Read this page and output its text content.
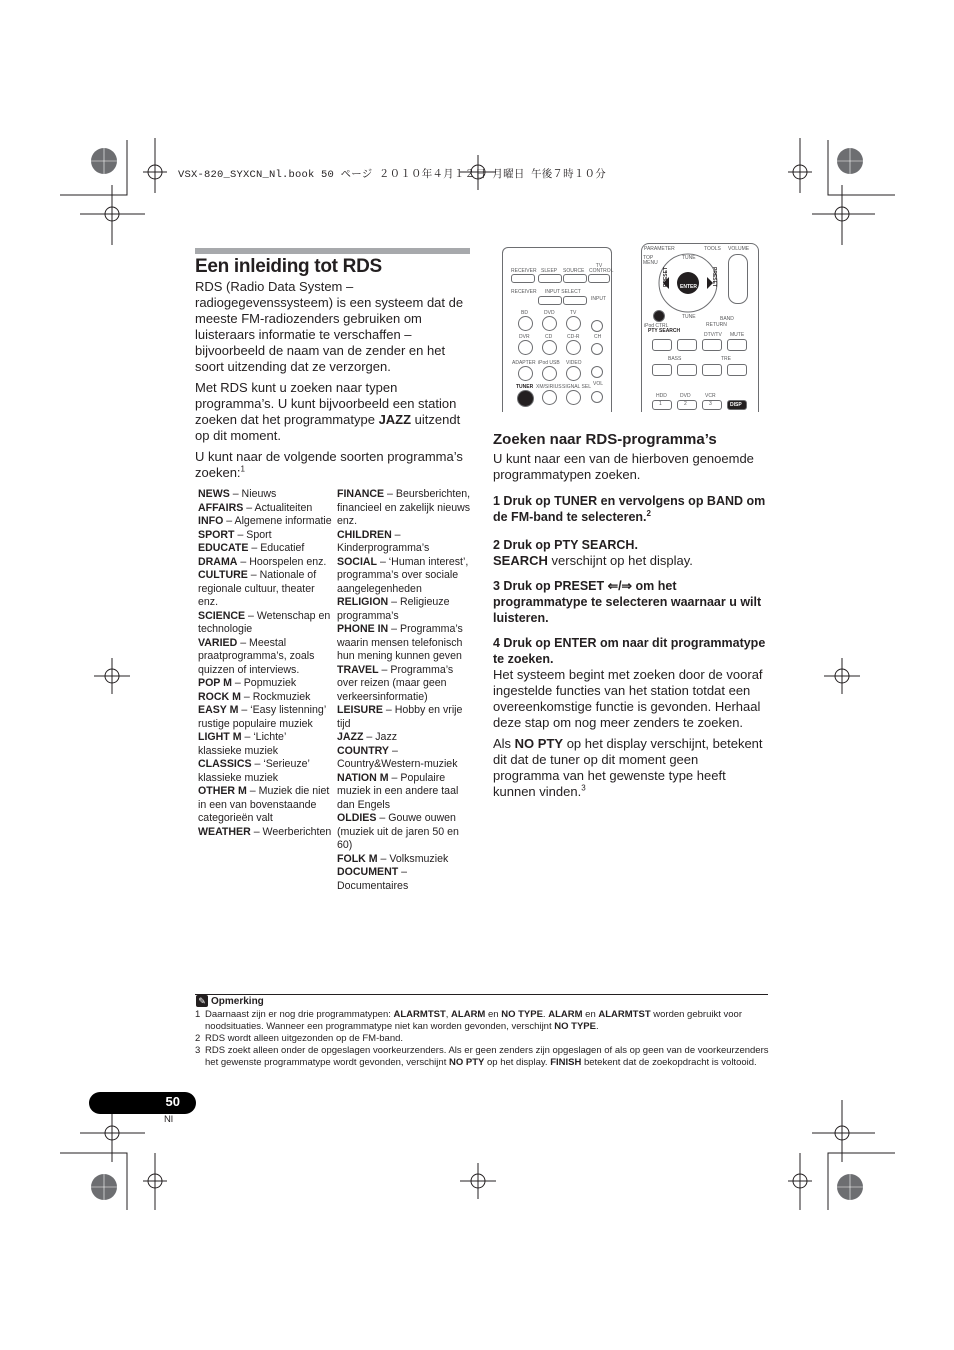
VSX-820_SYXCN_Nl.book 50 ページ ２０１０年４月１２日 月曜日 午後７時１０分
Een inleiding tot RDS
RDS (Radio Data System – radiogegevenssysteem) is een systeem dat de meeste FM-radiozenders gebruiken om luisteraars informatie te verschaffen – bijvoorbeeld de naam van de zender en het soort uitzending dat ze verzorgen.
Met RDS kunt u zoeken naar typen programma’s. U kunt bijvoorbeeld een station zoeken dat het programmatype JAZZ uitzendt op dit moment.
U kunt naar de volgende soorten programma’s zoeken:$^1$
NEWS – Nieuws
AFFAIRS – Actualiteiten
INFO – Algemene informatie
SPORT – Sport
EDUCATE – Educatief
DRAMA – Hoorspelen enz.
CULTURE – Nationale of regionale cultuur, theater enz.
SCIENCE – Wetenschap en technologie
VARIED – Meestal praatprogramma’s, zoals quizzen of interviews.
POP M – Popmuziek
ROCK M – Rockmuziek
EASY M – ‘Easy listenning’ rustige populaire muziek
LIGHT M – ‘Lichte’ klassieke muziek
CLASSICS – ‘Serieuze’ klassieke muziek
OTHER M – Muziek die niet in een van bovenstaande categorieën valt
WEATHER – Weerberichten
FINANCE – Beursberichten, financieel en zakelijk nieuws enz.
CHILDREN – Kinderprogramma’s
SOCIAL – ‘Human interest’, programma’s over sociale aangelegenheden
RELIGION – Religieuze programma’s
PHONE IN – Programma’s waarin mensen telefonisch hun mening kunnen geven
TRAVEL – Programma’s over reizen (maar geen verkeersinformatie)
LEISURE – Hobby en vrije tijd
JAZZ – Jazz
COUNTRY – Country&Western-muziek
NATION M – Populaire muziek in een andere taal dan Engels
OLDIES – Gouwe ouwen (muziek uit de jaren 50 en 60)
FOLK M – Volksmuziek
DOCUMENT – Documentaires
RECEIVER SLEEP SOURCE
TV CONTROL
RECEIVER INPUT SELECT
INPUT
BD	DVD	TV
DVR	CD	CD-R	CH
ADAPTER iPod USB VIDEO
TUNER XM/SIRIUS SIGNAL SEL VOL
PARAMETER	TOOLS VOLUME
TOP MENU
TUNE
ENTER
PRESET	PRESET
TUNE	BAND
RETURN
iPod CTRL
PTY SEARCH
DTV/TV MUTE
BASS	TRE
HDD	DVD	VCR
1	2	3	DISP
Zoeken naar RDS-programma’s
U kunt naar een van de hierboven genoemde programmatypen zoeken.
1 Druk op TUNER en vervolgens op BAND om de FM-band te selecteren.$^2$
2 Druk op PTY SEARCH.
SEARCH verschijnt op het display.
3 Druk op PRESET ⇐/⇒ om het programmatype te selecteren waarnaar u wilt luisteren.
4 Druk op ENTER om naar dit programmatype te zoeken.
Het systeem begint met zoeken door de vooraf ingestelde functies van het station totdat een overeenkomstige functie is gevonden. Herhaal deze stap om nog meer zenders te zoeken.
Als NO PTY op het display verschijnt, betekent dit dat de tuner op dit moment geen programma van het gewenste type heeft kunnen vinden.$^3$
✎ Opmerking
1 Daarnaast zijn er nog drie programmatypen: ALARMTST, ALARM en NO TYPE. ALARM en ALARMTST worden gebruikt voor noodsituaties. Wanneer een programmatype niet kan worden gevonden, verschijnt NO TYPE.
2 RDS wordt alleen uitgezonden op de FM-band.
3 RDS zoekt alleen onder de opgeslagen voorkeurzenders. Als er geen zenders zijn opgeslagen of als op geen van de voorkeurzenders het gewenste programmatype wordt gevonden, verschijnt NO PTY op het display. FINISH betekent dat de zoekopdracht is voltooid.
50
Nl
